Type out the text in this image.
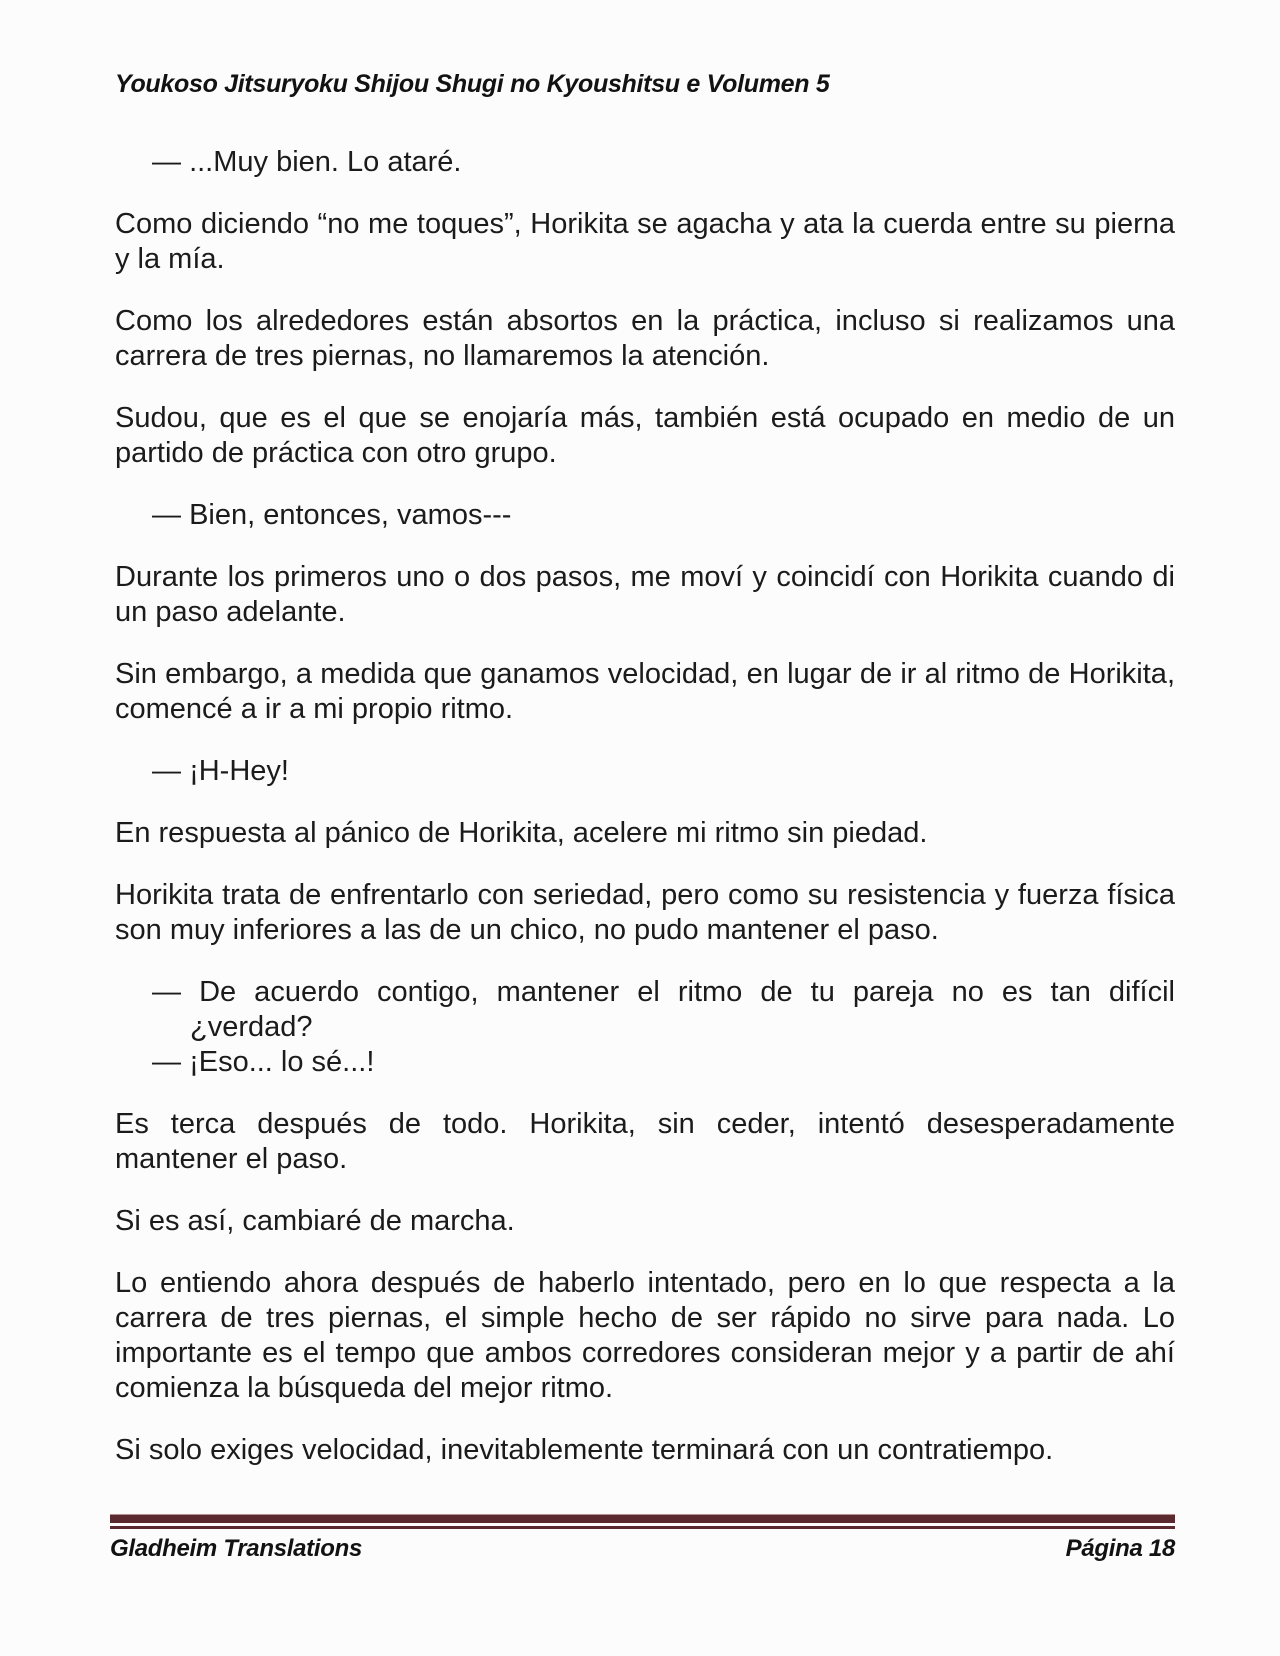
Youkoso Jitsuryoku Shijou Shugi no Kyoushitsu e Volumen 5

— ...Muy bien. Lo ataré.

Como diciendo “no me toques”, Horikita se agacha y ata la cuerda entre su pierna y la mía.

Como los alrededores están absortos en la práctica, incluso si realizamos una carrera de tres piernas, no llamaremos la atención.

Sudou, que es el que se enojaría más, también está ocupado en medio de un partido de práctica con otro grupo.

— Bien, entonces, vamos---

Durante los primeros uno o dos pasos, me moví y coincidí con Horikita cuando di un paso adelante.

Sin embargo, a medida que ganamos velocidad, en lugar de ir al ritmo de Horikita, comencé a ir a mi propio ritmo.

— ¡H-Hey!

En respuesta al pánico de Horikita, acelere mi ritmo sin piedad.

Horikita trata de enfrentarlo con seriedad, pero como su resistencia y fuerza física son muy inferiores a las de un chico, no pudo mantener el paso.

— De acuerdo contigo, mantener el ritmo de tu pareja no es tan difícil ¿verdad?

— ¡Eso... lo sé...!

Es terca después de todo. Horikita, sin ceder, intentó desesperadamente mantener el paso.

Si es así, cambiaré de marcha.

Lo entiendo ahora después de haberlo intentado, pero en lo que respecta a la carrera de tres piernas, el simple hecho de ser rápido no sirve para nada. Lo importante es el tempo que ambos corredores consideran mejor y a partir de ahí comienza la búsqueda del mejor ritmo.

Si solo exiges velocidad, inevitablemente terminará con un contratiempo.

Gladheim Translations	Página 18
